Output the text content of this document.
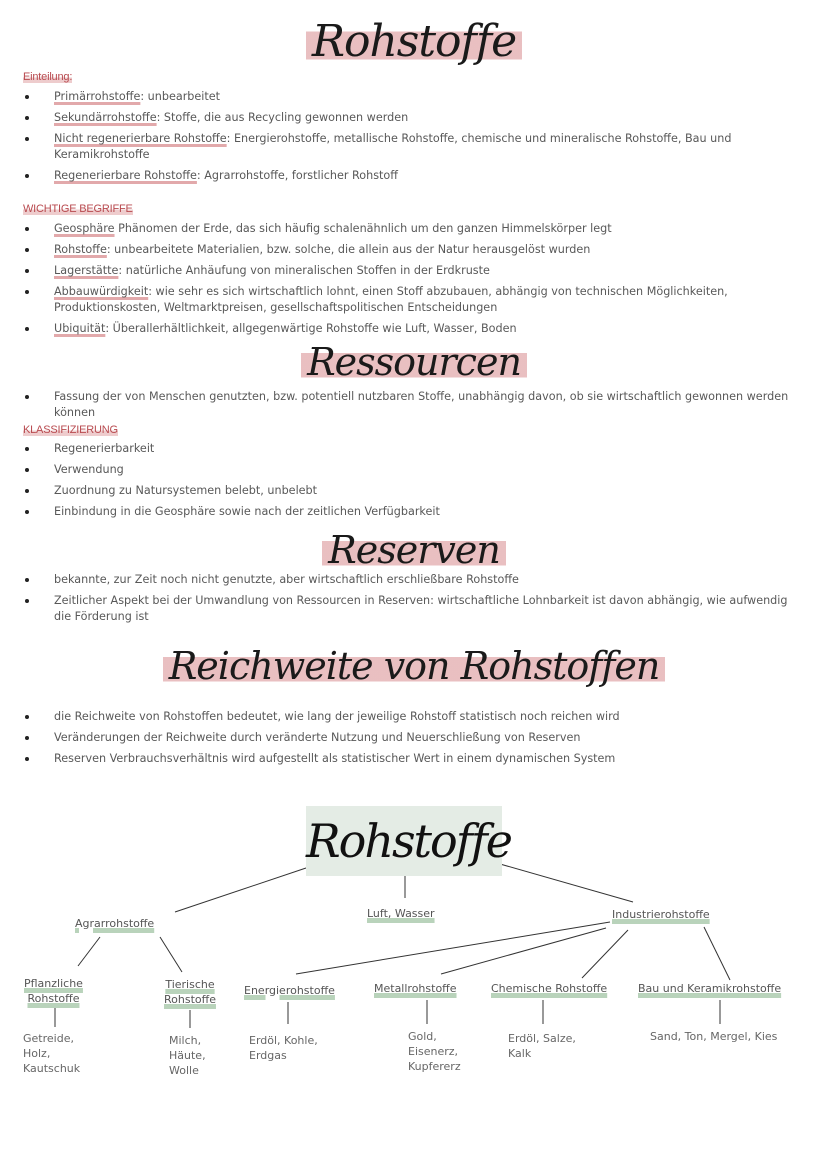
Rohstoffe
Einteilung:
Primärrohstoffe: unbearbeitet
Sekundärrohstoffe: Stoffe, die aus Recycling gewonnen werden
Nicht regenerierbare Rohstoffe: Energierohstoffe, metallische Rohstoffe, chemische und mineralische Rohstoffe, Bau und Keramikrohstoffe
Regenerierbare Rohstoffe: Agrarrohstoffe, forstlicher Rohstoff
WICHTIGE BEGRIFFE
Geosphäre Phänomen der Erde, das sich häufig schalenähnlich um den ganzen Himmelskörper legt
Rohstoffe: unbearbeitete Materialien, bzw. solche, die allein aus der Natur herausgelöst wurden
Lagerstätte: natürliche Anhäufung von mineralischen Stoffen in der Erdkruste
Abbauwürdigkeit: wie sehr es sich wirtschaftlich lohnt, einen Stoff abzubauen, abhängig von technischen Möglichkeiten, Produktionskosten, Weltmarktpreisen, gesellschaftspolitischen Entscheidungen
Ubiquität: Überallerhältlichkeit, allgegenwärtige Rohstoffe wie Luft, Wasser, Boden
Ressourcen
Fassung der von Menschen genutzten, bzw. potentiell nutzbaren Stoffe, unabhängig davon, ob sie wirtschaftlich gewonnen werden können
KLASSIFIZIERUNG
Regenerierbarkeit
Verwendung
Zuordnung zu Natursystemen belebt, unbelebt
Einbindung in die Geosphäre sowie nach der zeitlichen Verfügbarkeit
Reserven
bekannte, zur Zeit noch nicht genutzte, aber wirtschaftlich erschließbare Rohstoffe
Zeitlicher Aspekt bei der Umwandlung von Ressourcen in Reserven: wirtschaftliche Lohnbarkeit ist davon abhängig, wie aufwendig die Förderung ist
Reichweite von Rohstoffen
die Reichweite von Rohstoffen bedeutet, wie lang der jeweilige Rohstoff statistisch noch reichen wird
Veränderungen der Reichweite durch veränderte Nutzung und Neuerschließung von Reserven
Reserven Verbrauchsverhältnis wird aufgestellt als statistischer Wert in einem dynamischen System
Rohstoffe
Agrarrohstoffe
Luft, Wasser	Industrierohstoffe
Pflanzliche
Rohstoffe
Tierische
Rohstoffe
Energierohstoffe	Metallrohstoffe	Chemische Rohstoffe	Bau und Keramikrohstoffe
Getreide,
Holz,
Kautschuk
Milch,
Häute,
Wolle
Erdöl, Kohle,
Erdgas
Gold,
Eisenerz,
Kupfererz
Erdöl, Salze,
Kalk
Sand, Ton, Mergel, Kies
